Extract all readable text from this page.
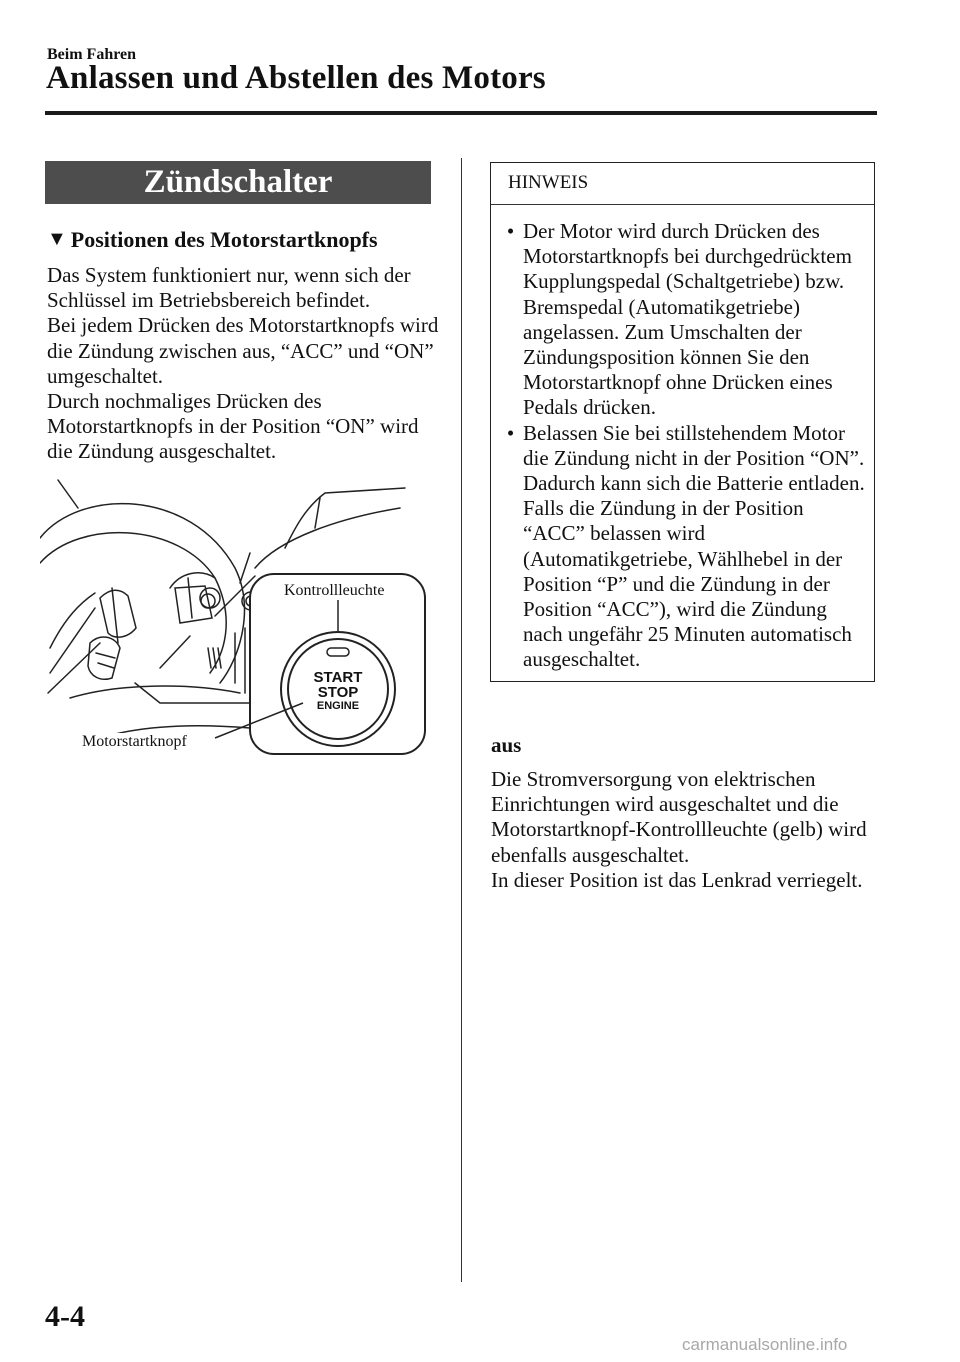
Beim Fahren
Anlassen und Abstellen des Motors
Zündschalter
▼ Positionen des Motorstartknopfs

Das System funktioniert nur, wenn sich der Schlüssel im Betriebsbereich befindet.

Bei jedem Drücken des Motorstartknopfs wird die Zündung zwischen aus, “ACC” und “ON” umgeschaltet.

Durch nochmaliges Drücken des Motorstartknopfs in der Position “ON” wird die Zündung ausgeschaltet.

START
STOP
ENGINE
Kontrollleuchte
Motorstartknopf
HINWEIS
• Der Motor wird durch Drücken des Motorstartknopfs bei durchgedrücktem Kupplungspedal (Schaltgetriebe) bzw. Bremspedal (Automatikgetriebe) angelassen. Zum Umschalten der Zündungsposition können Sie den Motorstartknopf ohne Drücken eines Pedals drücken.
• Belassen Sie bei stillstehendem Motor die Zündung nicht in der Position “ON”. Dadurch kann sich die Batterie entladen. Falls die Zündung in der Position “ACC” belassen wird (Automatikgetriebe, Wählhebel in der Position “P” und die Zündung in der Position “ACC”), wird die Zündung nach ungefähr 25 Minuten automatisch ausgeschaltet.
aus

Die Stromversorgung von elektrischen Einrichtungen wird ausgeschaltet und die Motorstartknopf-Kontrollleuchte (gelb) wird ebenfalls ausgeschaltet.

In dieser Position ist das Lenkrad verriegelt.

4-4
carmanualsonline.info
